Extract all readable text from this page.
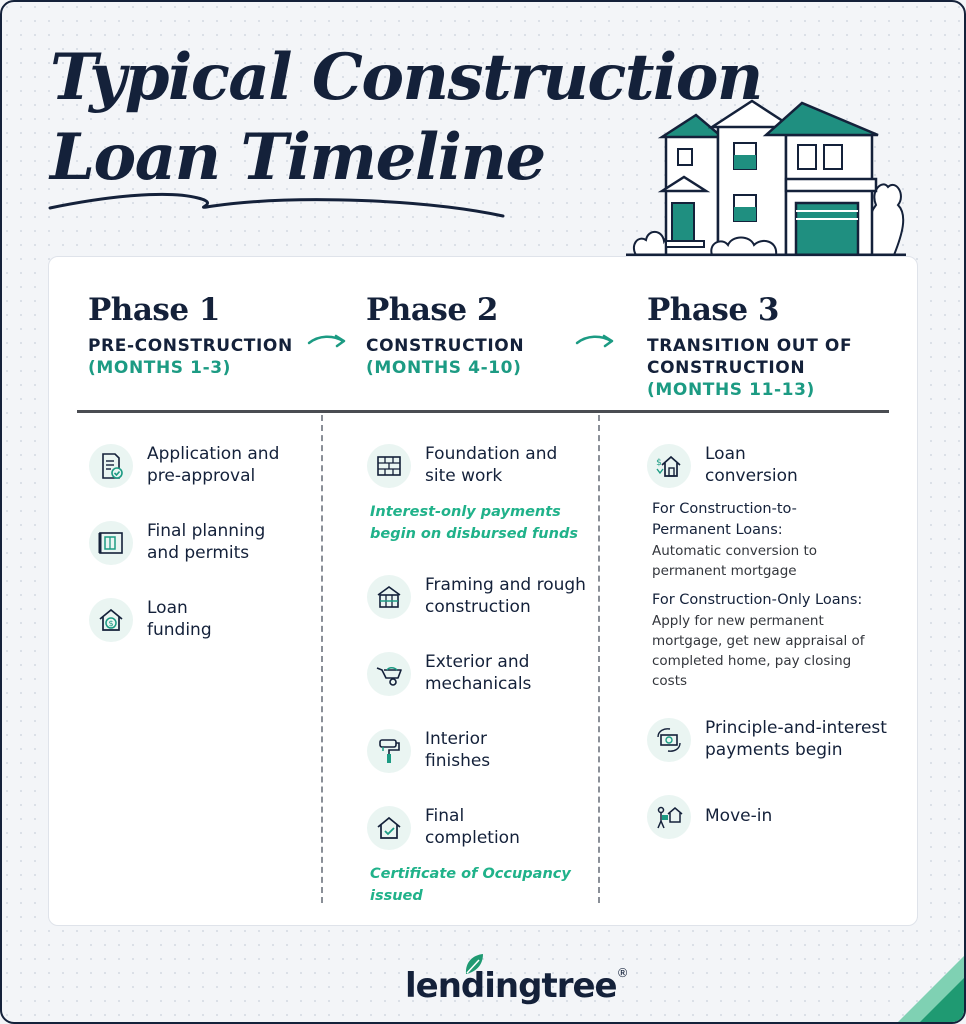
Typical Construction
Loan Timeline
Phase 1
PRE-CONSTRUCTION
(MONTHS 1-3)
Phase 2
CONSTRUCTION
(MONTHS 4-10)
Phase 3
TRANSITION OUT OF
CONSTRUCTION
(MONTHS 11-13)
Application and
pre-approval
Final planning
and permits
$
Loan
funding
Foundation and
site work
Interest-only payments
begin on disbursed funds
Framing and rough
construction
Exterior and
mechanicals
Interior
finishes
Final
completion
Certificate of Occupancy
issued
$	Loan
conversion
For Construction-to-
Permanent Loans:
Automatic conversion to
permanent mortgage
For Construction-Only Loans:
Apply for new permanent
mortgage, get new appraisal of
completed home, pay closing
costs
Principle-and-interest
payments begin
Move-in
lendingtree®
